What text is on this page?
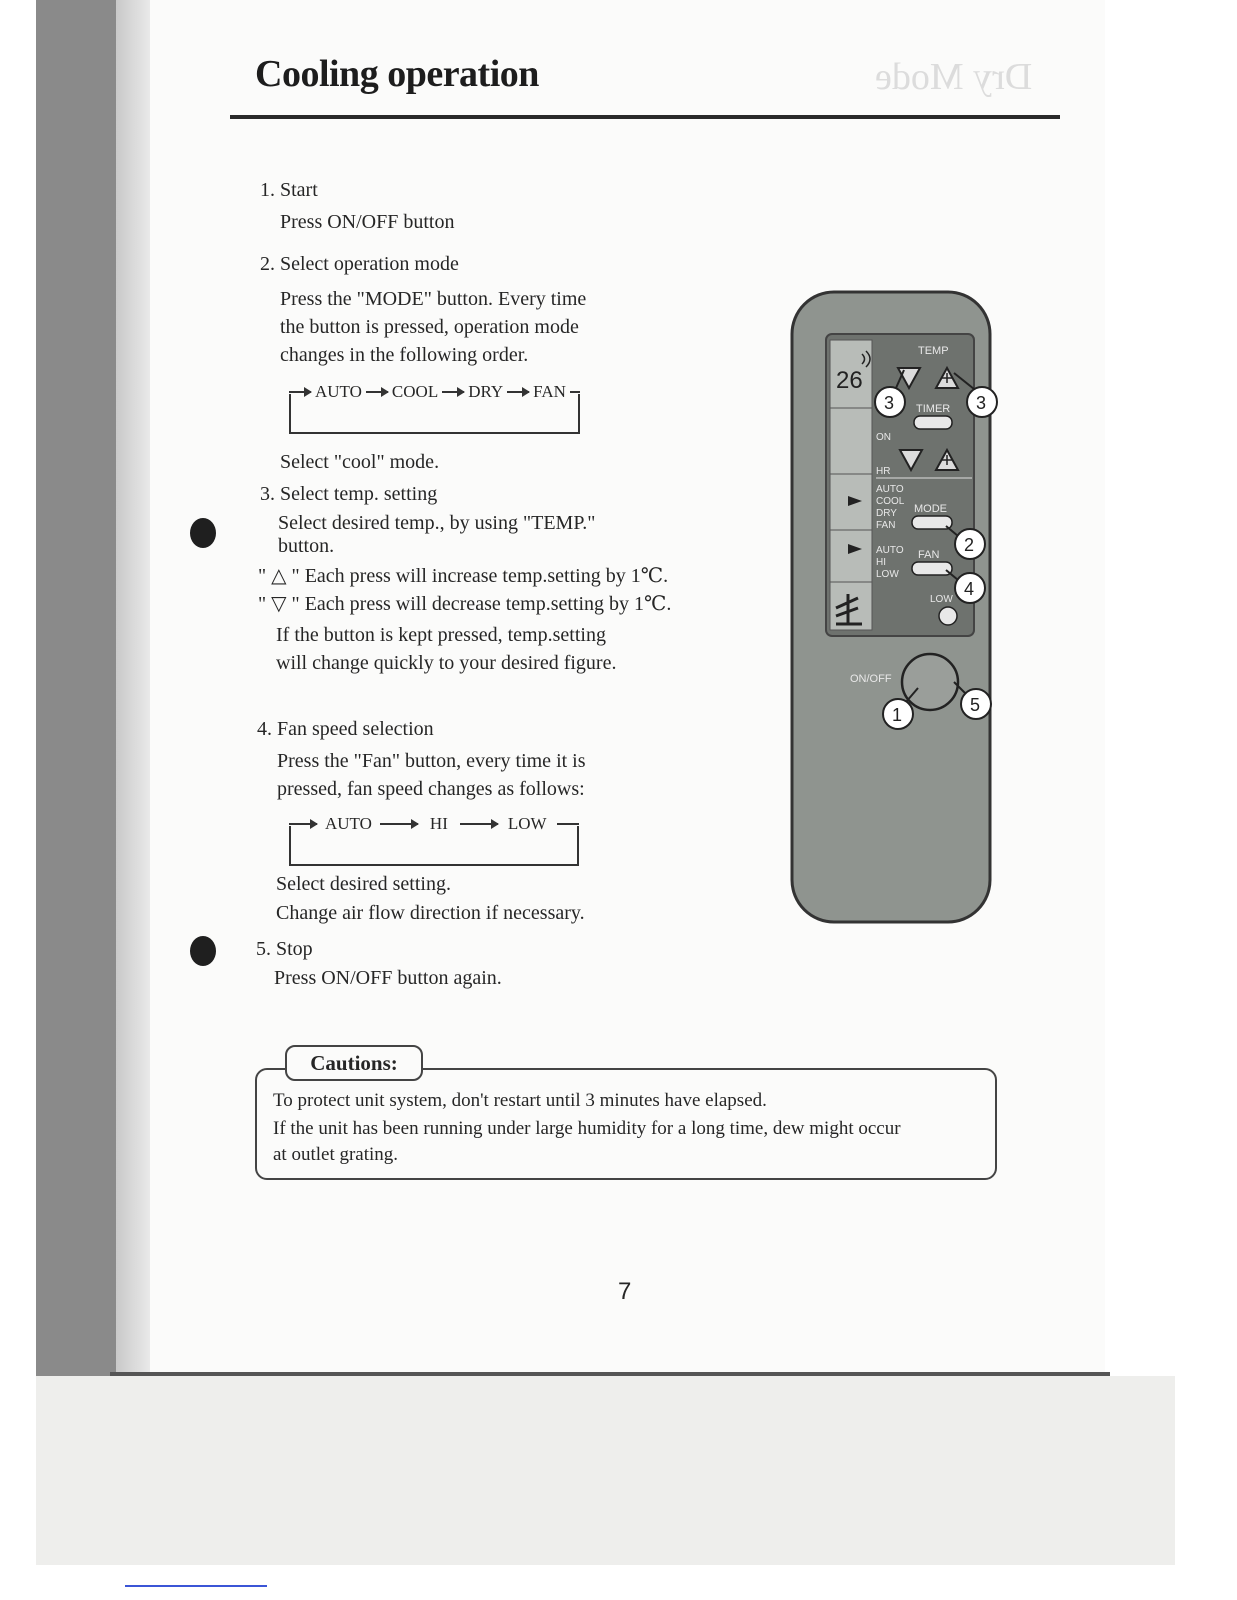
Dry Mode
Cooling operation
1. Start
Press ON/OFF button
2. Select operation mode
Press the "MODE" button. Every time
the button is pressed, operation mode
changes in the following order.
AUTO COOL DRY FAN
Select "cool" mode.
3. Select temp. setting
Select desired temp., by using "TEMP."
button.
" △ " Each press will increase temp.setting by 1℃.
" ▽ " Each press will decrease temp.setting by 1℃.
If the button is kept pressed, temp.setting
will change quickly to your desired figure.
4. Fan speed selection
Press the "Fan" button, every time it is
pressed, fan speed changes as follows:
AUTO	HI	LOW
Select desired setting.
Change air flow direction if necessary.
5. Stop
Press ON/OFF button again.
Cautions:
To protect unit system, don't restart until 3 minutes have elapsed.
If the unit has been running under large humidity for a long time, dew might occur
at outlet grating.
7
26
TEMP
TIMER
ON
HR
AUTO
COOL
DRY
FAN
AUTO
HI
LOW
MODE
FAN
LOW
ON/OFF
3	3
2
4
1	5
